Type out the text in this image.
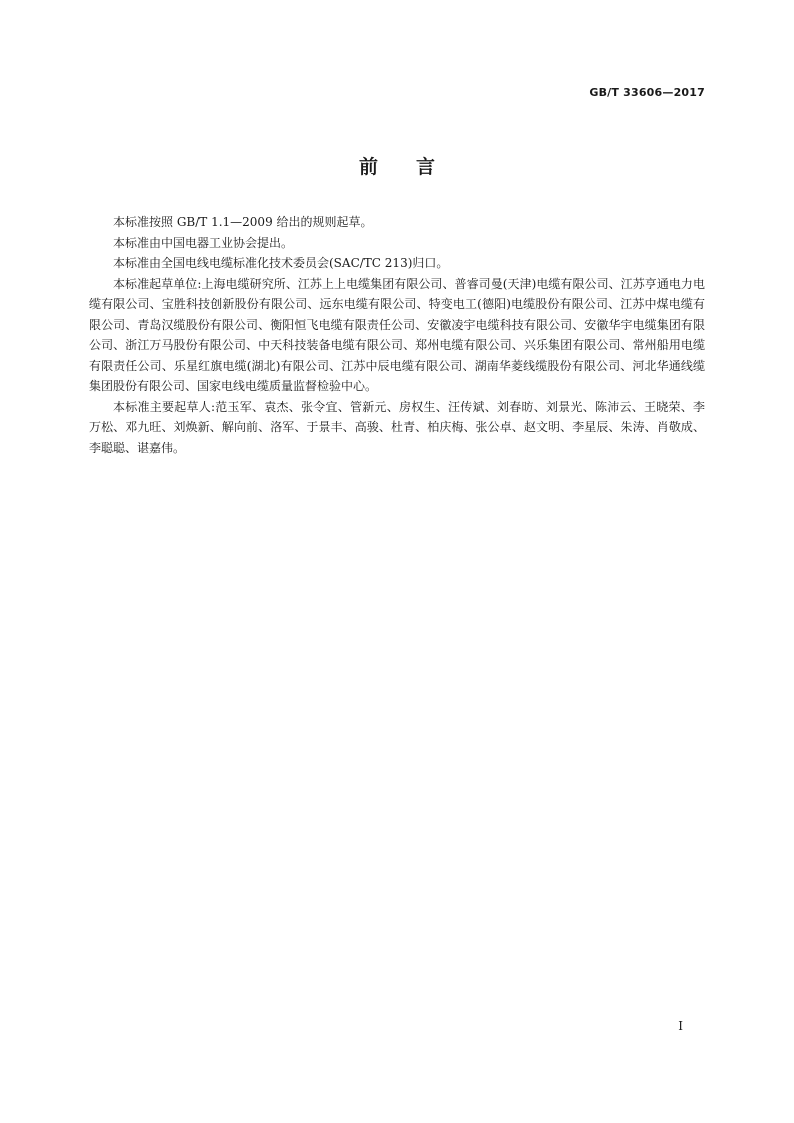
GB/T 33606—2017

前言

本标准按照 GB/T 1.1—2009 给出的规则起草。

本标准由中国电器工业协会提出。

本标准由全国电线电缆标准化技术委员会(SAC/TC 213)归口。

本标准起草单位:上海电缆研究所、江苏上上电缆集团有限公司、普睿司曼(天津)电缆有限公司、江苏亨通电力电缆有限公司、宝胜科技创新股份有限公司、远东电缆有限公司、特变电工(德阳)电缆股份有限公司、江苏中煤电缆有限公司、青岛汉缆股份有限公司、衡阳恒飞电缆有限责任公司、安徽凌宇电缆科技有限公司、安徽华宇电缆集团有限公司、浙江万马股份有限公司、中天科技装备电缆有限公司、郑州电缆有限公司、兴乐集团有限公司、常州船用电缆有限责任公司、乐星红旗电缆(湖北)有限公司、江苏中辰电缆有限公司、湖南华菱线缆股份有限公司、河北华通线缆集团股份有限公司、国家电线电缆质量监督检验中心。

本标准主要起草人:范玉军、袁杰、张令宜、管新元、房权生、汪传斌、刘春昉、刘景光、陈沛云、王晓荣、李万松、邓九旺、刘焕新、解向前、洛军、于景丰、高骏、杜青、柏庆梅、张公卓、赵文明、李星辰、朱涛、肖敬成、李聪聪、谌嘉伟。

I
